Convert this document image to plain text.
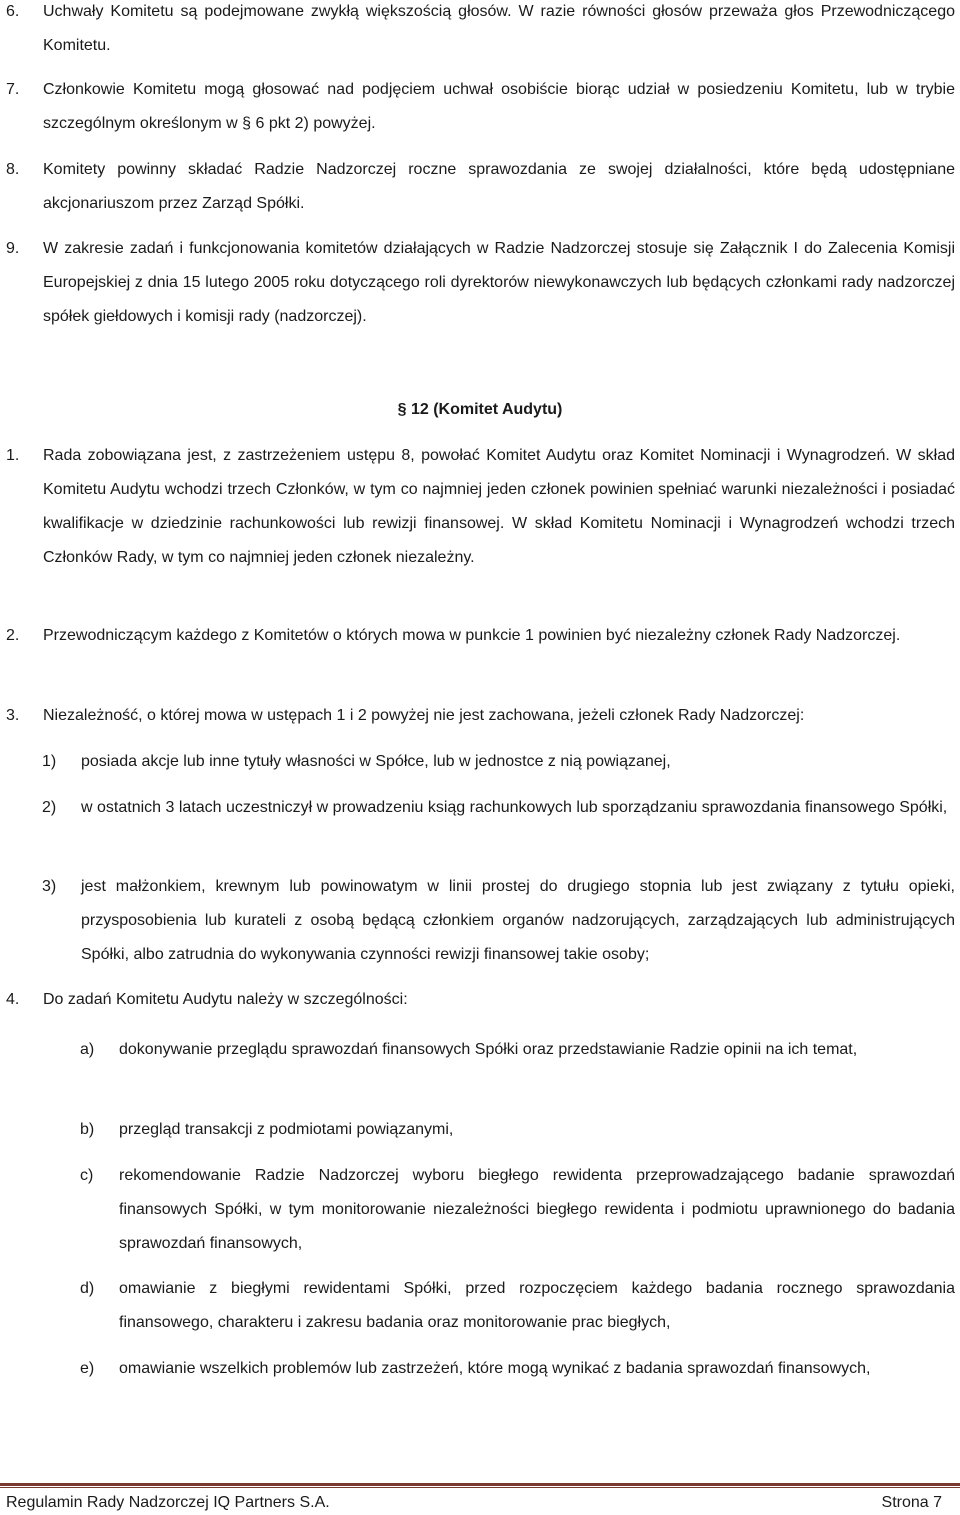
6. Uchwały Komitetu są podejmowane zwykłą większością głosów. W razie równości głosów przeważa głos Przewodniczącego Komitetu.
7. Członkowie Komitetu mogą głosować nad podjęciem uchwał osobiście biorąc udział w posiedzeniu Komitetu, lub w trybie szczególnym określonym w § 6 pkt 2) powyżej.
8. Komitety powinny składać Radzie Nadzorczej roczne sprawozdania ze swojej działalności, które będą udostępniane akcjonariuszom przez Zarząd Spółki.
9. W zakresie zadań i funkcjonowania komitetów działających w Radzie Nadzorczej stosuje się Załącznik I do Zalecenia Komisji Europejskiej z dnia 15 lutego 2005 roku dotyczącego roli dyrektorów niewykonawczych lub będących członkami rady nadzorczej spółek giełdowych i komisji rady (nadzorczej).
§ 12 (Komitet Audytu)
1. Rada zobowiązana jest, z zastrzeżeniem ustępu 8, powołać Komitet Audytu oraz Komitet Nominacji i Wynagrodzeń. W skład Komitetu Audytu wchodzi trzech Członków, w tym co najmniej jeden członek powinien spełniać warunki niezależności i posiadać kwalifikacje w dziedzinie rachunkowości lub rewizji finansowej. W skład Komitetu Nominacji i Wynagrodzeń wchodzi trzech Członków Rady, w tym co najmniej jeden członek niezależny.
2. Przewodniczącym każdego z Komitetów o których mowa w punkcie 1 powinien być niezależny członek Rady Nadzorczej.
3. Niezależność, o której mowa w ustępach 1 i 2 powyżej nie jest zachowana, jeżeli członek Rady Nadzorczej:
1) posiada akcje lub inne tytuły własności w Spółce, lub w jednostce z nią powiązanej,
2) w ostatnich 3 latach uczestniczył w prowadzeniu ksiąg rachunkowych lub sporządzaniu sprawozdania finansowego Spółki,
3) jest małżonkiem, krewnym lub powinowatym w linii prostej do drugiego stopnia lub jest związany z tytułu opieki, przysposobienia lub kurateli z osobą będącą członkiem organów nadzorujących, zarządzających lub administrujących Spółki, albo zatrudnia do wykonywania czynności rewizji finansowej takie osoby;
4. Do zadań Komitetu Audytu należy w szczególności:
a) dokonywanie przeglądu sprawozdań finansowych Spółki oraz przedstawianie Radzie opinii na ich temat,
b) przegląd transakcji z podmiotami powiązanymi,
c) rekomendowanie Radzie Nadzorczej wyboru biegłego rewidenta przeprowadzającego badanie sprawozdań finansowych Spółki, w tym monitorowanie niezależności biegłego rewidenta i podmiotu uprawnionego do badania sprawozdań finansowych,
d) omawianie z biegłymi rewidentami Spółki, przed rozpoczęciem każdego badania rocznego sprawozdania finansowego, charakteru i zakresu badania oraz monitorowanie prac biegłych,
e) omawianie wszelkich problemów lub zastrzeżeń, które mogą wynikać z badania sprawozdań finansowych,
Regulamin Rady Nadzorczej IQ Partners S.A.	Strona 7
